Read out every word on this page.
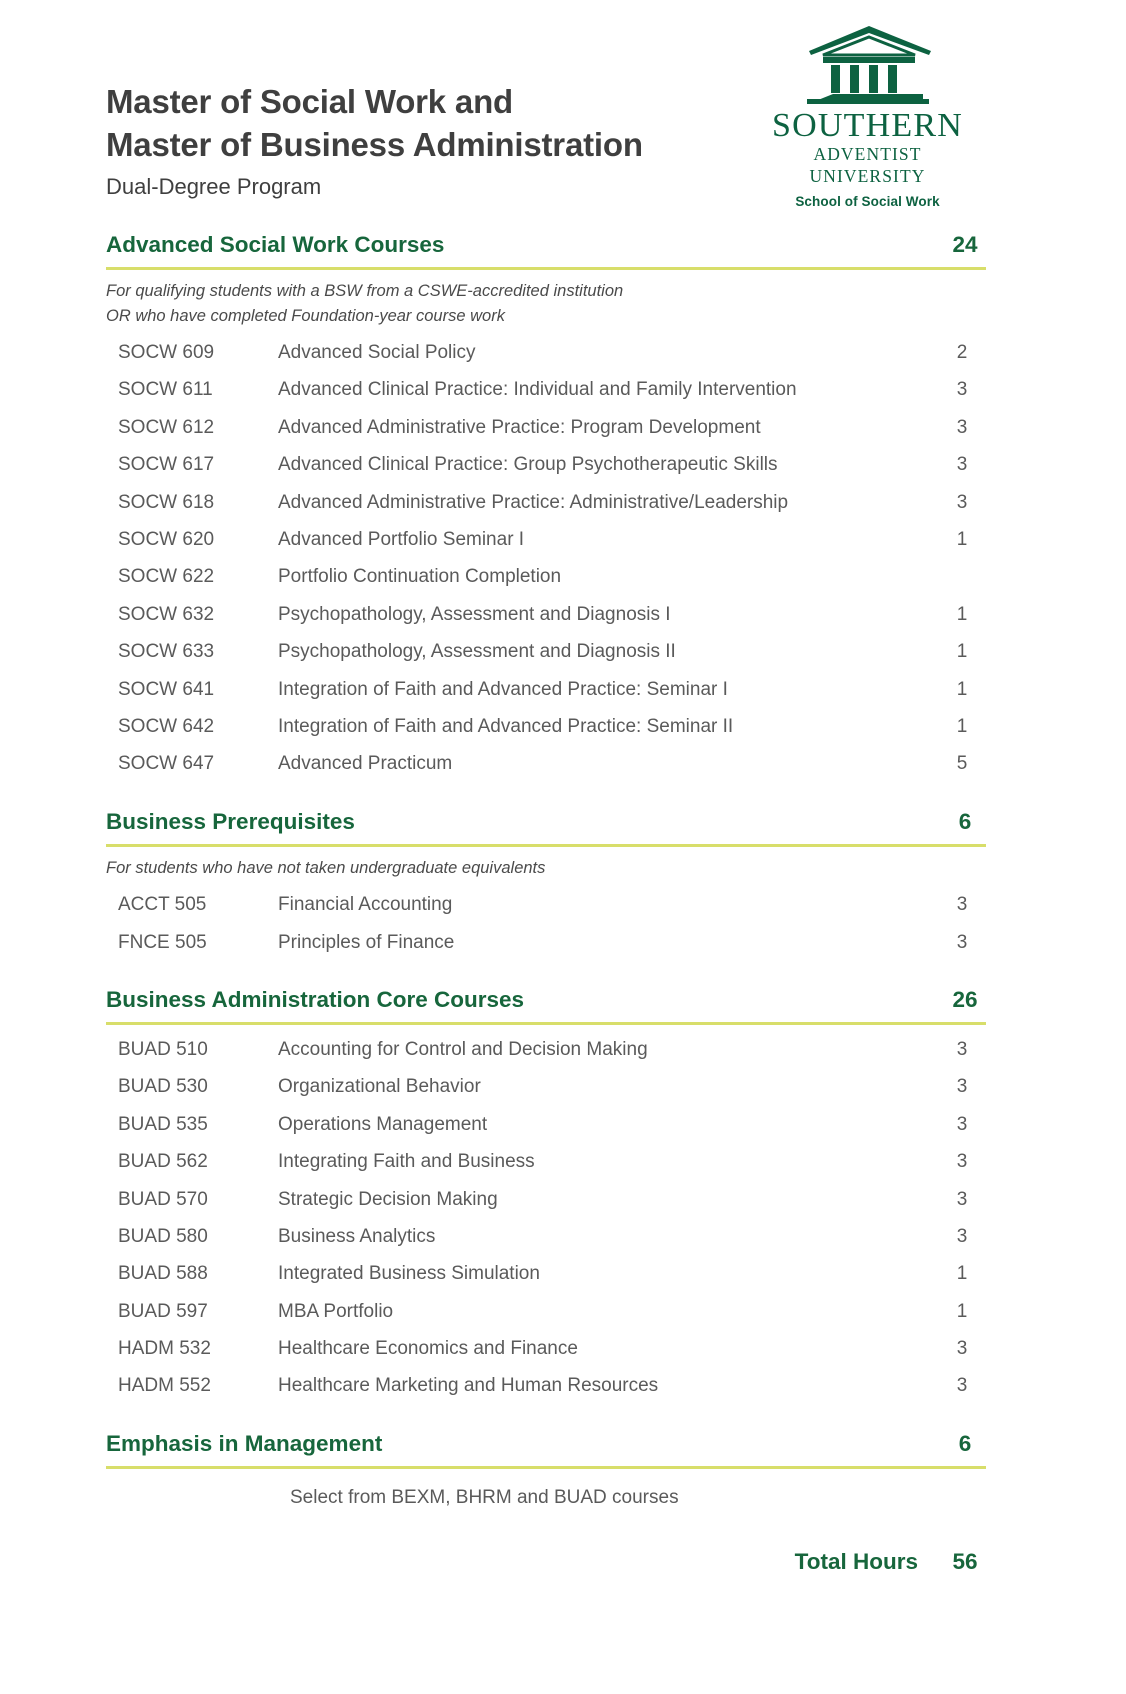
Master of Social Work and
Master of Business Administration
Dual-Degree Program
SOUTHERN
ADVENTIST UNIVERSITY
School of Social Work
Advanced Social Work Courses	24
For qualifying students with a BSW from a CSWE-accredited institution
OR who have completed Foundation-year course work
SOCW 609	Advanced Social Policy	2
SOCW 611	Advanced Clinical Practice: Individual and Family Intervention	3
SOCW 612	Advanced Administrative Practice: Program Development	3
SOCW 617	Advanced Clinical Practice: Group Psychotherapeutic Skills	3
SOCW 618	Advanced Administrative Practice: Administrative/Leadership	3
SOCW 620	Advanced Portfolio Seminar I	1
SOCW 622	Portfolio Continuation Completion
SOCW 632	Psychopathology, Assessment and Diagnosis I	1
SOCW 633	Psychopathology, Assessment and Diagnosis II	1
SOCW 641	Integration of Faith and Advanced Practice: Seminar I	1
SOCW 642	Integration of Faith and Advanced Practice: Seminar II	1
SOCW 647	Advanced Practicum	5
Business Prerequisites	6
For students who have not taken undergraduate equivalents
ACCT 505	Financial Accounting	3
FNCE 505	Principles of Finance	3
Business Administration Core Courses	26
BUAD 510	Accounting for Control and Decision Making	3
BUAD 530	Organizational Behavior	3
BUAD 535	Operations Management	3
BUAD 562	Integrating Faith and Business	3
BUAD 570	Strategic Decision Making	3
BUAD 580	Business Analytics	3
BUAD 588	Integrated Business Simulation	1
BUAD 597	MBA Portfolio	1
HADM 532	Healthcare Economics and Finance	3
HADM 552	Healthcare Marketing and Human Resources	3
Emphasis in Management	6
Select from BEXM, BHRM and BUAD courses
Total Hours 56
